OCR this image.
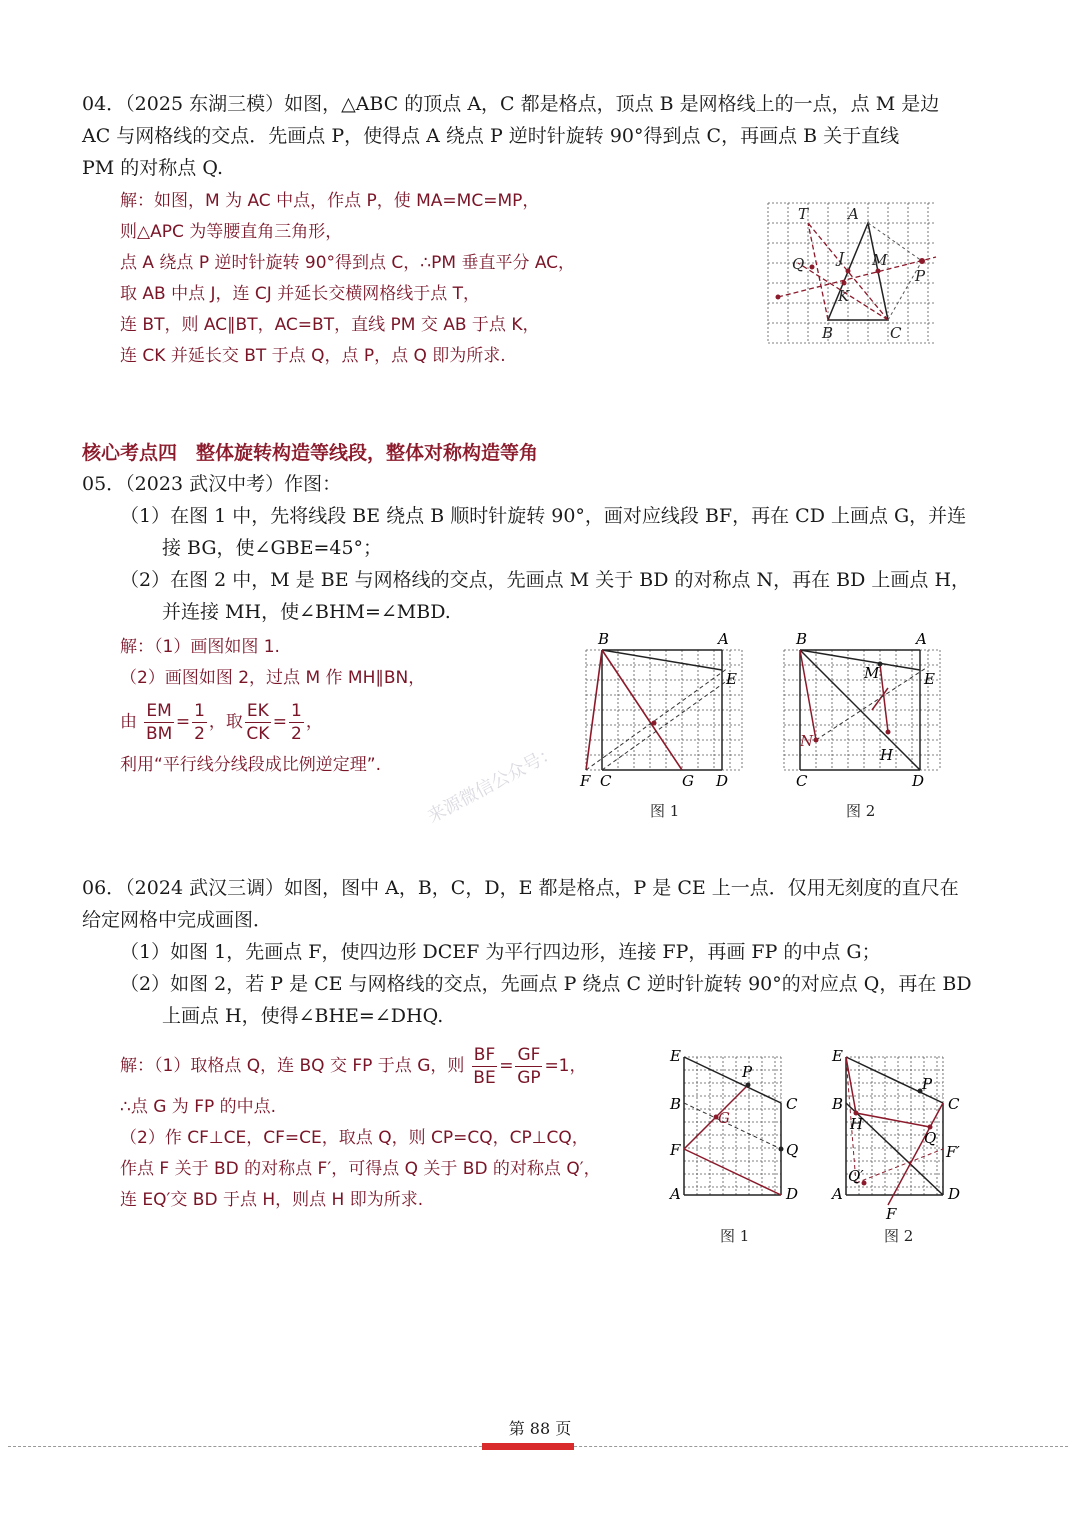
04．（2025 东湖三模）如图，△ABC 的顶点 A，C 都是格点，顶点 B 是网格线上的一点，点 M 是边
AC 与网格线的交点．先画点 P，使得点 A 绕点 P 逆时针旋转 90°得到点 C，再画点 B 关于直线
PM 的对称点 Q.
解：如图，M 为 AC 中点，作点 P，使 MA=MC=MP，
则△APC 为等腰直角三角形，
点 A 绕点 P 逆时针旋转 90°得到点 C，∴PM 垂直平分 AC，
取 AB 中点 J，连 CJ 并延长交横网格线于点 T，
连 BT，则 AC∥BT，AC=BT，直线 PM 交 AB 于点 K，
连 CK 并延长交 BT 于点 Q，点 P，点 Q 即为所求.
T	A
Q J M
P
K
B	C
核心考点四　整体旋转构造等线段，整体对称构造等角
05．（2023 武汉中考）作图：
（1）在图 1 中，先将线段 BE 绕点 B 顺时针旋转 90°，画对应线段 BF，再在 CD 上画点 G，并连
接 BG，使∠GBE=45°；
（2）在图 2 中，M 是 BE 与网格线的交点，先画点 M 关于 BD 的对称点 N，再在 BD 上画点 H，
并连接 MH，使∠BHM=∠MBD.
解：（1）画图如图 1.
（2）画图如图 2，过点 M 作 MH∥BN，
由 $\frac{EM}{BM} = \frac{1}{2}$ ，取 $\frac{EK}{CK} = \frac{1}{2}$ ，
利用“平行线分线段成比例逆定理”.
B	A
E
F C	G D
图 1
B	A
M	E
N
H
C	D
图 2
来源微信公众号：
06．（2024 武汉三调）如图，图中 A，B，C，D，E 都是格点，P 是 CE 上一点．仅用无刻度的直尺在
给定网格中完成画图．
（1）如图 1，先画点 F，使四边形 DCEF 为平行四边形，连接 FP，再画 FP 的中点 G；
（2）如图 2，若 P 是 CE 与网格线的交点，先画点 P 绕点 C 逆时针旋转 90°的对应点 Q，再在 BD
上画点 H，使得∠BHE=∠DHQ.
解：（1）取格点 Q，连 BQ 交 FP 于点 G，则 $\frac{BF}{BE} = \frac{GF}{GP} =1$，
∴点 G 为 FP 的中点.
（2）作 CF⊥CE，CF=CE，取点 Q，则 CP=CQ，CP⊥CQ，
作点 F 关于 BD 的对称点 F′，可得点 Q 关于 BD 的对称点 Q′，
连 EQ′交 BD 于点 H，则点 H 即为所求.
E
P
B	C
G
F	Q
A	D
图 1
E
P
B	C
H
Q
F′
Q′
A	D
F
图 2
第 88 页
